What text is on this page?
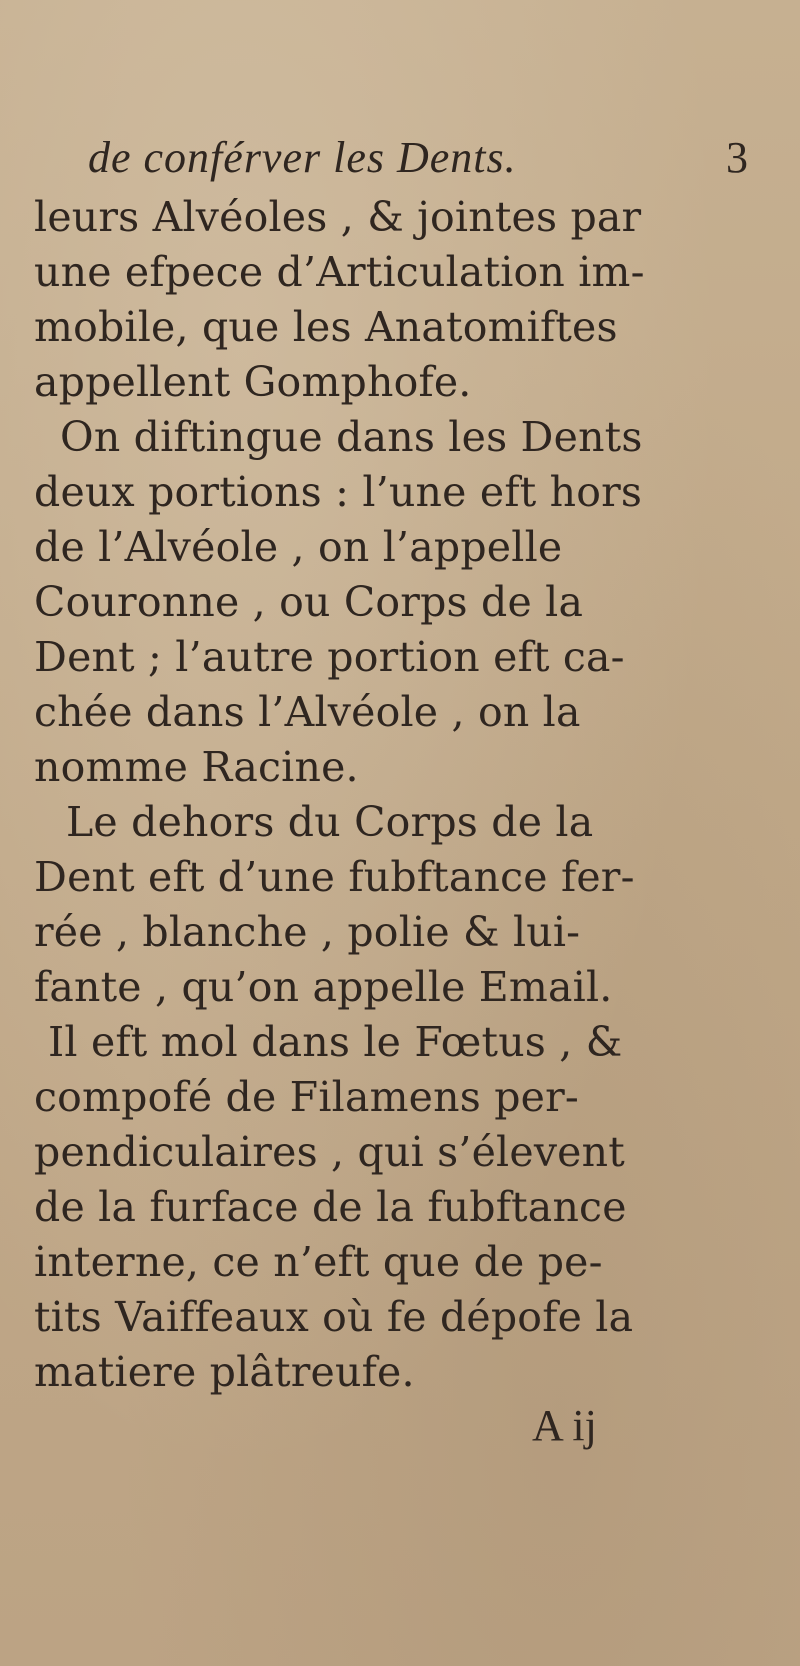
de conférver les Dents.	3
leurs Alvéoles , & jointes par
une efpece d’Articulation im-
mobile, que les Anatomiftes
appellent Gomphofe.
On diftingue dans les Dents
deux portions : l’une eft hors
de l’Alvéole , on l’appelle
Couronne , ou Corps de la
Dent ; l’autre portion eft ca-
chée dans l’Alvéole , on la
nomme Racine.
Le dehors du Corps de la
Dent eft d’une fubftance fer-
rée , blanche , polie & lui-
fante , qu’on appelle Email.
Il eft mol dans le Fœtus , &
compofé de Filamens per-
pendiculaires , qui s’élevent
de la furface de la fubftance
interne, ce n’eft que de pe-
tits Vaiffeaux où fe dépofe la
matiere plâtreufe.
A ij
